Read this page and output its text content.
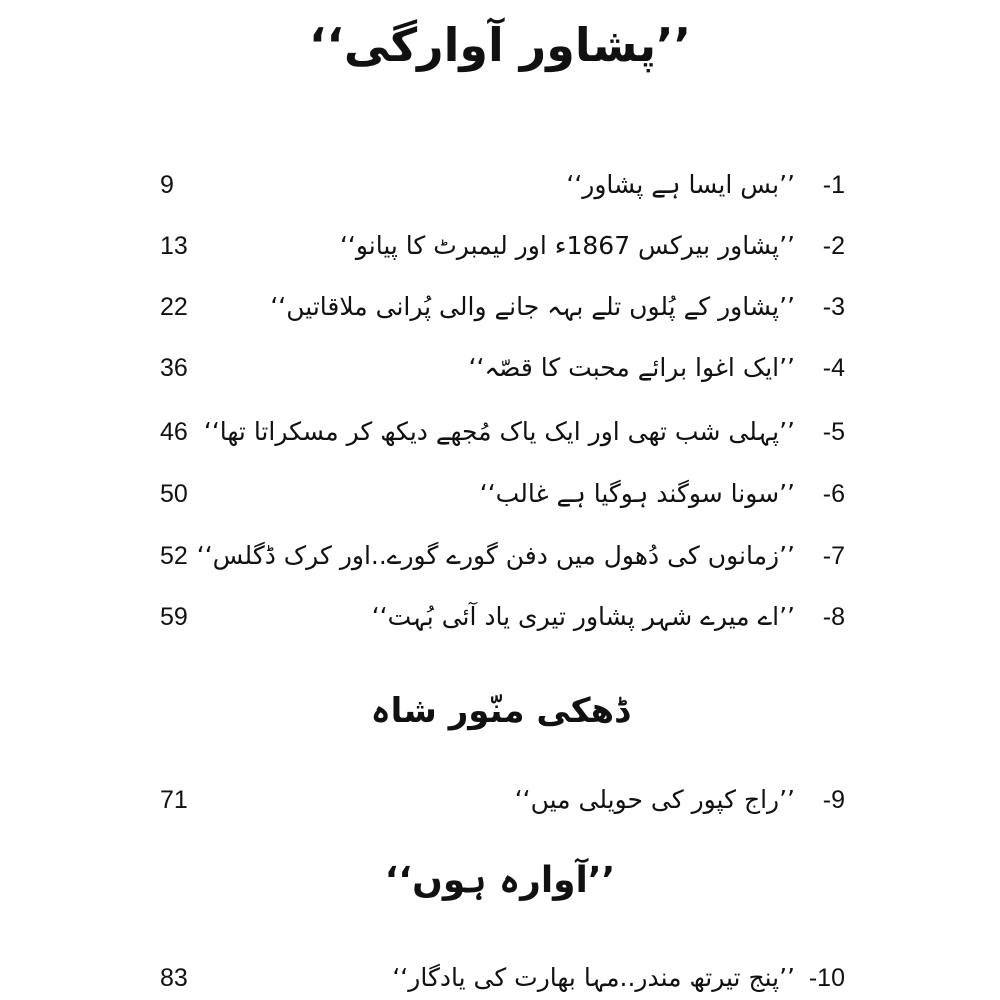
’’پشاور آوارگی‘‘
9	’’بس ایسا ہے پشاور‘‘ -1
13	’’پشاور بیرکس 1867ء اور لیمبرٹ کا پیانو‘‘ -2
22	’’پشاور کے پُلوں تلے بہہ جانے والی پُرانی ملاقاتیں‘‘ -3
36	’’ایک اغوا برائے محبت کا قصّہ‘‘ -4
46 ’’پہلی شب تھی اور ایک یاک مُجھے دیکھ کر مسکراتا تھا‘‘ -5
50	’’سونا سوگند ہوگیا ہے غالب‘‘ -6
52 ’’زمانوں کی دُھول میں دفن گورے گورے..اور کرک ڈگلس‘‘ -7
59	’’اے میرے شہر پشاور تیری یاد آئی بُہت‘‘ -8
ڈھکی منّور شاہ
71	’’راج کپور کی حویلی میں‘‘ -9
’’آوارہ ہوں‘‘
83	’’پنج تیرتھ مندر..مہا بھارت کی یادگار‘‘ -10
